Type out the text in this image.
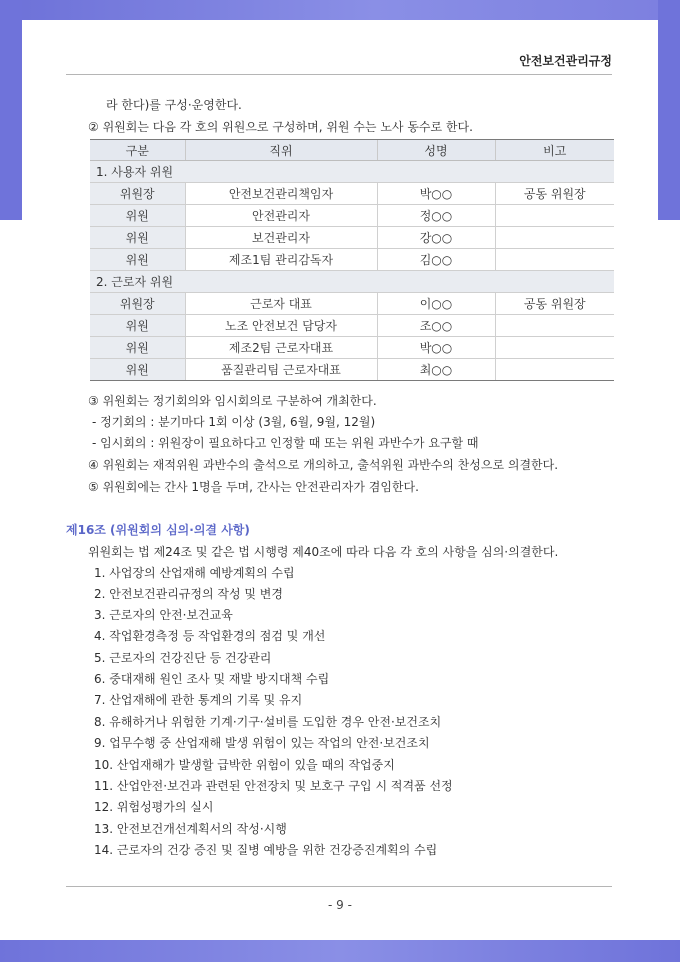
안전보건관리규정
라 한다)를 구성·운영한다.
② 위원회는 다음 각 호의 위원으로 구성하며, 위원 수는 노사 동수로 한다.
구분	직위	성명	비고
1. 사용자 위원			
위원장	안전보건관리책임자	박○○	공동 위원장
위원	안전관리자	정○○	
위원	보건관리자	강○○	
위원	제조1팀 관리감독자	김○○	
2. 근로자 위원			
위원장	근로자 대표	이○○	공동 위원장
위원	노조 안전보건 담당자	조○○	
위원	제조2팀 근로자대표	박○○	
위원	품질관리팀 근로자대표	최○○	
③ 위원회는 정기회의와 임시회의로 구분하여 개최한다.
- 정기회의 : 분기마다 1회 이상 (3월, 6월, 9월, 12월)
- 임시회의 : 위원장이 필요하다고 인정할 때 또는 위원 과반수가 요구할 때
④ 위원회는 재적위원 과반수의 출석으로 개의하고, 출석위원 과반수의 찬성으로 의결한다.
⑤ 위원회에는 간사 1명을 두며, 간사는 안전관리자가 겸임한다.
제16조 (위원회의 심의·의결 사항)
위원회는 법 제24조 및 같은 법 시행령 제40조에 따라 다음 각 호의 사항을 심의·의결한다.
1. 사업장의 산업재해 예방계획의 수립
2. 안전보건관리규정의 작성 및 변경
3. 근로자의 안전·보건교육
4. 작업환경측정 등 작업환경의 점검 및 개선
5. 근로자의 건강진단 등 건강관리
6. 중대재해 원인 조사 및 재발 방지대책 수립
7. 산업재해에 관한 통계의 기록 및 유지
8. 유해하거나 위험한 기계·기구·설비를 도입한 경우 안전·보건조치
9. 업무수행 중 산업재해 발생 위험이 있는 작업의 안전·보건조치
10. 산업재해가 발생할 급박한 위험이 있을 때의 작업중지
11. 산업안전·보건과 관련된 안전장치 및 보호구 구입 시 적격품 선정
12. 위험성평가의 실시
13. 안전보건개선계획서의 작성·시행
14. 근로자의 건강 증진 및 질병 예방을 위한 건강증진계획의 수립
- 9 -
